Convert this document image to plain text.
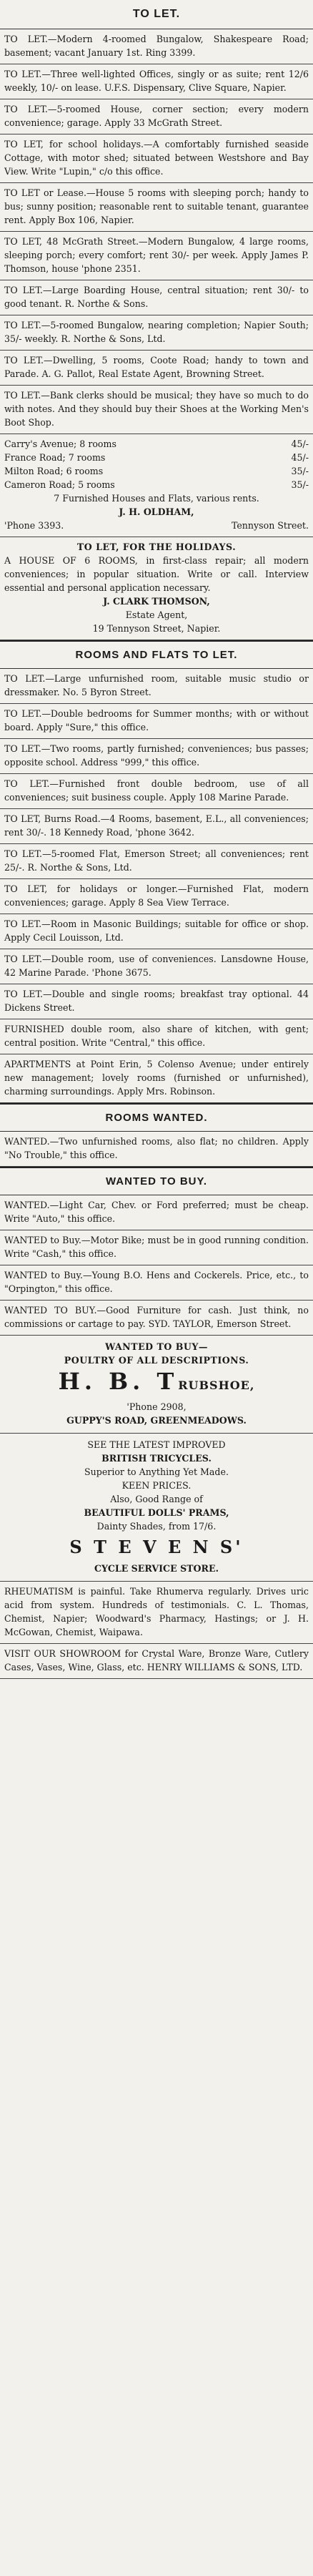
TO LET.
TO LET.—Modern 4-roomed Bungalow, Shakespeare Road; basement; vacant January 1st. Ring 3399.
TO LET.—Three well-lighted Offices, singly or as suite; rent 12/6 weekly, 10/- on lease. U.F.S. Dispensary, Clive Square, Napier.
TO LET.—5-roomed House, corner section; every modern convenience; garage. Apply 33 McGrath Street.
TO LET, for school holidays.—A comfortably furnished seaside Cottage, with motor shed; situated between Westshore and Bay View. Write "Lupin," c/o this office.
TO LET or Lease.—House 5 rooms with sleeping porch; handy to bus; sunny position; reasonable rent to suitable tenant, guarantee rent. Apply Box 106, Napier.
TO LET, 48 McGrath Street.—Modern Bungalow, 4 large rooms, sleeping porch; every comfort; rent 30/- per week. Apply James P. Thomson, house 'phone 2351.
TO LET.—Large Boarding House, central situation; rent 30/- to good tenant. R. Northe & Sons.
TO LET.—5-roomed Bungalow, nearing completion; Napier South; 35/- weekly. R. Northe & Sons, Ltd.
TO LET.—Dwelling, 5 rooms, Coote Road; handy to town and Parade. A. G. Pallot, Real Estate Agent, Browning Street.
TO LET.—Bank clerks should be musical; they have so much to do with notes. And they should buy their Shoes at the Working Men's Boot Shop.
Carry's Avenue; 8 rooms	45/-
France Road; 7 rooms	45/-
Milton Road; 6 rooms	35/-
Cameron Road; 5 rooms	35/-
7 Furnished Houses and Flats, various rents.
J. H. OLDHAM,
'Phone 3393.	Tennyson Street.
TO LET, FOR THE HOLIDAYS.
A HOUSE OF 6 ROOMS, in first-class repair; all modern conveniences; in popular situation. Write or call. Interview essential and personal application necessary.
J. CLARK THOMSON,
Estate Agent,
19 Tennyson Street, Napier.
ROOMS AND FLATS TO LET.
TO LET.—Large unfurnished room, suitable music studio or dressmaker. No. 5 Byron Street.
TO LET.—Double bedrooms for Summer months; with or without board. Apply "Sure," this office.
TO LET.—Two rooms, partly furnished; conveniences; bus passes; opposite school. Address "999," this office.
TO LET.—Furnished front double bedroom, use of all conveniences; suit business couple. Apply 108 Marine Parade.
TO LET, Burns Road.—4 Rooms, basement, E.L., all conveniences; rent 30/-. 18 Kennedy Road, 'phone 3642.
TO LET.—5-roomed Flat, Emerson Street; all conveniences; rent 25/-. R. Northe & Sons, Ltd.
TO LET, for holidays or longer.—Furnished Flat, modern conveniences; garage. Apply 8 Sea View Terrace.
TO LET.—Room in Masonic Buildings; suitable for office or shop. Apply Cecil Louisson, Ltd.
TO LET.—Double room, use of conveniences. Lansdowne House, 42 Marine Parade. 'Phone 3675.
TO LET.—Double and single rooms; breakfast tray optional. 44 Dickens Street.
FURNISHED double room, also share of kitchen, with gent; central position. Write "Central," this office.
APARTMENTS at Point Erin, 5 Colenso Avenue; under entirely new management; lovely rooms (furnished or unfurnished), charming surroundings. Apply Mrs. Robinson.
ROOMS WANTED.
WANTED.—Two unfurnished rooms, also flat; no children. Apply "No Trouble," this office.
WANTED TO BUY.
WANTED.—Light Car, Chev. or Ford preferred; must be cheap. Write "Auto," this office.
WANTED to Buy.—Motor Bike; must be in good running condition. Write "Cash," this office.
WANTED to Buy.—Young B.O. Hens and Cockerels. Price, etc., to "Orpington," this office.
WANTED TO BUY.—Good Furniture for cash. Just think, no commissions or cartage to pay. SYD. TAYLOR, Emerson Street.
WANTED TO BUY—
POULTRY OF ALL DESCRIPTIONS.
H. B. TRUBSHOE,
'Phone 2908,
GUPPY'S ROAD, GREENMEADOWS.
SEE THE LATEST IMPROVED
BRITISH TRICYCLES.
Superior to Anything Yet Made.
KEEN PRICES.
Also, Good Range of
BEAUTIFUL DOLLS' PRAMS,
Dainty Shades, from 17/6.
S T E V E N S'
CYCLE SERVICE STORE.
RHEUMATISM is painful. Take Rhumerva regularly. Drives uric acid from system. Hundreds of testimonials. C. L. Thomas, Chemist, Napier; Woodward's Pharmacy, Hastings; or J. H. McGowan, Chemist, Waipawa.
VISIT OUR SHOWROOM for Crystal Ware, Bronze Ware, Cutlery Cases, Vases, Wine, Glass, etc. HENRY WILLIAMS & SONS, LTD.
